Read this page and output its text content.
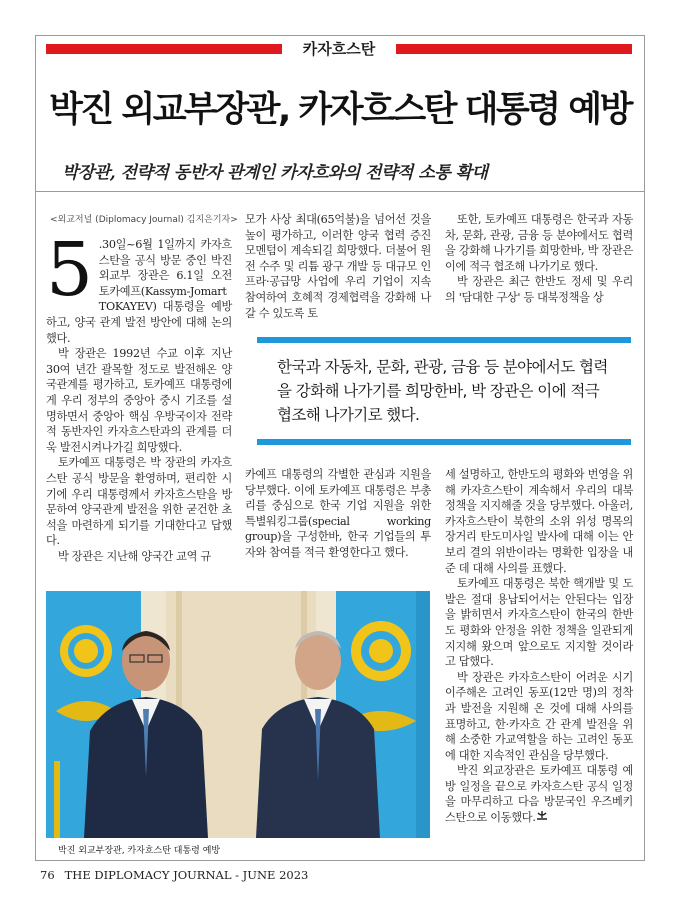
카자흐스탄
박진 외교부장관, 카자흐스탄 대통령 예방
박장관, 전략적 동반자 관계인 카자흐와의 전략적 소통 확대
<외교저널 (Diplomacy Journal) 김지은기자>

5 .30일~6월 1일까지 카자흐스탄을 공식 방문 중인 박진 외교부 장관은 6.1일 오전 토카예프(Kassym-Jomart TOKAYEV) 대통령을 예방하고, 양국 관계 발전 방안에 대해 논의했다.

박 장관은 1992년 수교 이후 지난 30여 년간 괄목할 정도로 발전해온 양국관계를 평가하고, 토카예프 대통령에게 우리 정부의 중앙아 중시 기조를 설명하면서 중앙아 핵심 우방국이자 전략적 동반자인 카자흐스탄과의 관계를 더욱 발전시켜나가길 희망했다.

토카예프 대통령은 박 장관의 카자흐스탄 공식 방문을 환영하며, 편리한 시기에 우리 대통령께서 카자흐스탄을 방문하여 양국관계 발전을 위한 굳건한 초석을 마련하게 되기를 기대한다고 답했다.

박 장관은 지난해 양국간 교역 규

모가 사상 최대(65억불)을 넘어선 것을 높이 평가하고, 이러한 양국 협력 증진 모멘텀이 계속되길 희망했다. 더불어 원전 수주 및 리튬 광구 개발 등 대규모 인프라·공급망 사업에 우리 기업이 지속 참여하여 호혜적 경제협력을 강화해 나갈 수 있도록 토

또한, 토카예프 대통령은 한국과 자동차, 문화, 관광, 금융 등 분야에서도 협력을 강화해 나가기를 희망한바, 박 장관은 이에 적극 협조해 나가기로 했다.

박 장관은 최근 한반도 정세 및 우리의 '담대한 구상' 등 대북정책을 상

한국과 자동차, 문화, 관광, 금융 등 분야에서도 협력을 강화해 나가기를 희망한바, 박 장관은 이에 적극 협조해 나가기로 했다.

카예프 대통령의 각별한 관심과 지원을 당부했다. 이에 토카예프 대통령은 부총리를 중심으로 한국 기업 지원을 위한 특별워킹그룹(special working group)을 구성한바, 한국 기업들의 투자와 참여를 적극 환영한다고 했다.

세 설명하고, 한반도의 평화와 번영을 위해 카자흐스탄이 계속해서 우리의 대북 정책을 지지해줄 것을 당부했다. 아울러, 카자흐스탄이 북한의 소위 위성 명목의 장거리 탄도미사일 발사에 대해 이는 안보리 결의 위반이라는 명확한 입장을 내준 데 대해 사의를 표했다.

토카예프 대통령은 북한 핵개발 및 도발은 절대 용납되어서는 안된다는 입장을 밝히면서 카자흐스탄이 한국의 한반도 평화와 안정을 위한 정책을 일관되게 지지해 왔으며 앞으로도 지지할 것이라고 답했다.

박 장관은 카자흐스탄이 어려운 시기 이주해온 고려인 동포(12만 명)의 정착과 발전을 지원해 온 것에 대해 사의를 표명하고, 한·카자흐 간 관계 발전을 위해 소중한 가교역할을 하는 고려인 동포에 대한 지속적인 관심을 당부했다.

박진 외교장관은 토카예프 대통령 예방 일정을 끝으로 카자흐스탄 공식 일정을 마무리하고 다음 방문국인 우즈베키스탄으로 이동했다.

박진 외교부장관, 카자흐스탄 대통령 예방
76 THE DIPLOMACY JOURNAL - JUNE 2023
